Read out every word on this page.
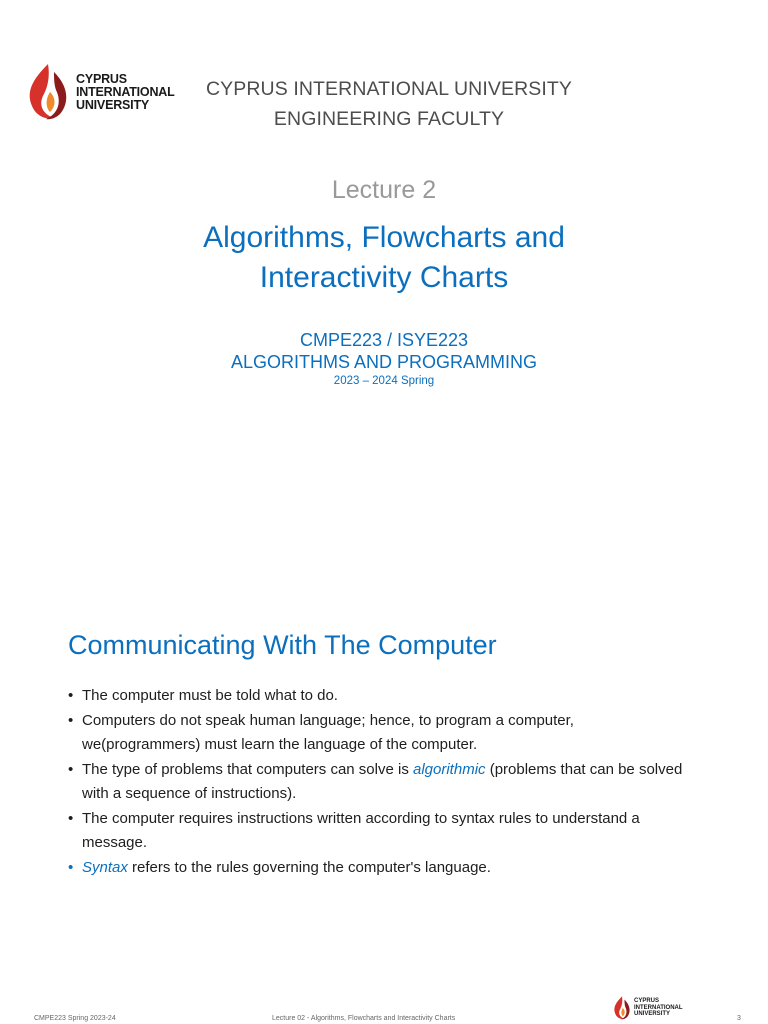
CYPRUS
INTERNATIONAL
UNIVERSITY
CYPRUS INTERNATIONAL UNIVERSITY
ENGINEERING FACULTY
Lecture 2
Algorithms, Flowcharts and
Interactivity Charts
CMPE223 / ISYE223
ALGORITHMS AND PROGRAMMING
2023 – 2024 Spring
Communicating With The Computer
• The computer must be told what to do.
• Computers do not speak human language; hence, to program a computer,
we(programmers) must learn the language of the computer.
• The type of problems that computers can solve is algorithmic (problems that can be solved with a sequence of instructions).
• The computer requires instructions written according to syntax rules to understand a message.
• Syntax refers to the rules governing the computer's language.
CMPE223 Spring 2023-24	Lecture 02 - Algorithms, Flowcharts and Interactivity Charts
CYPRUS
INTERNATIONAL
UNIVERSITY
3
